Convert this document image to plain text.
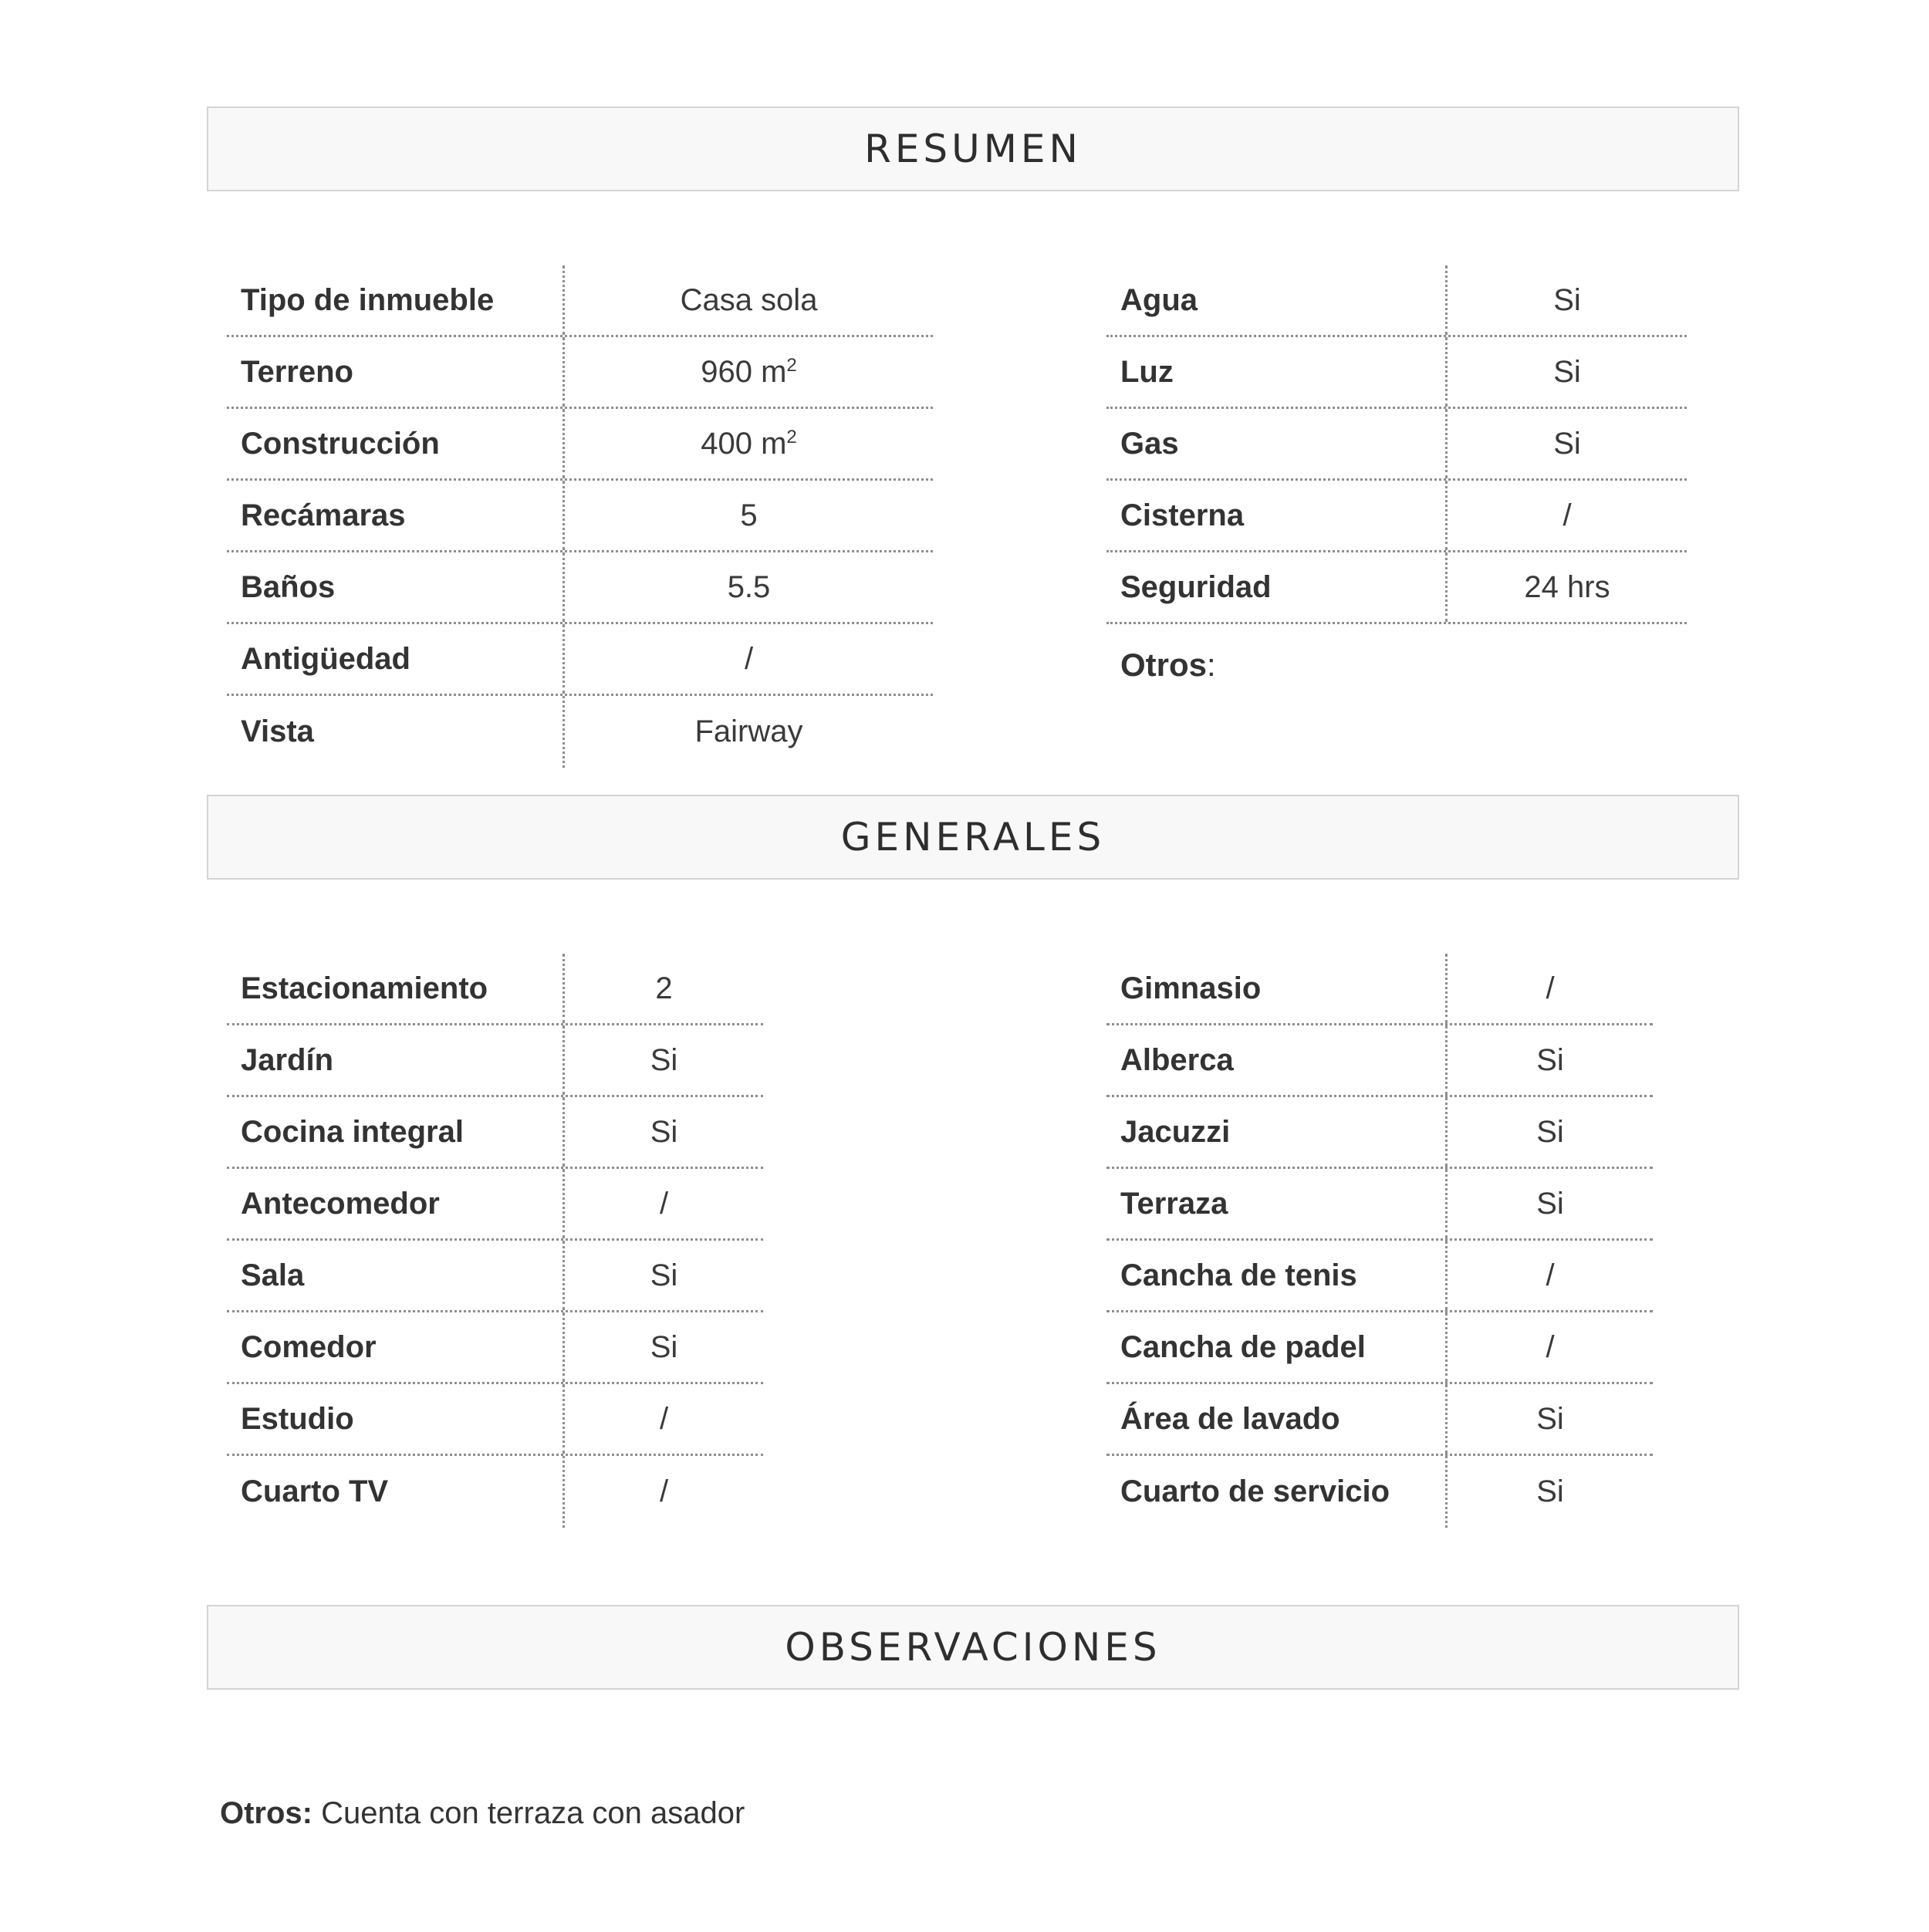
RESUMEN
Tipo de inmueble	Casa sola
Terreno	960 $m^2$
Construcción	400 $m^2$
Recámaras	5
Baños	5.5
Antigüedad	/
Vista	Fairway
Agua	Si
Luz	Si
Gas	Si
Cisterna	/
Seguridad	24 hrs
Otros:
GENERALES
Estacionamiento	2
Jardín	Si
Cocina integral	Si
Antecomedor	/
Sala	Si
Comedor	Si
Estudio	/
Cuarto TV	/
Gimnasio	/
Alberca	Si
Jacuzzi	Si
Terraza	Si
Cancha de tenis	/
Cancha de padel	/
Área de lavado	Si
Cuarto de servicio	Si
OBSERVACIONES
Otros: Cuenta con terraza con asador
